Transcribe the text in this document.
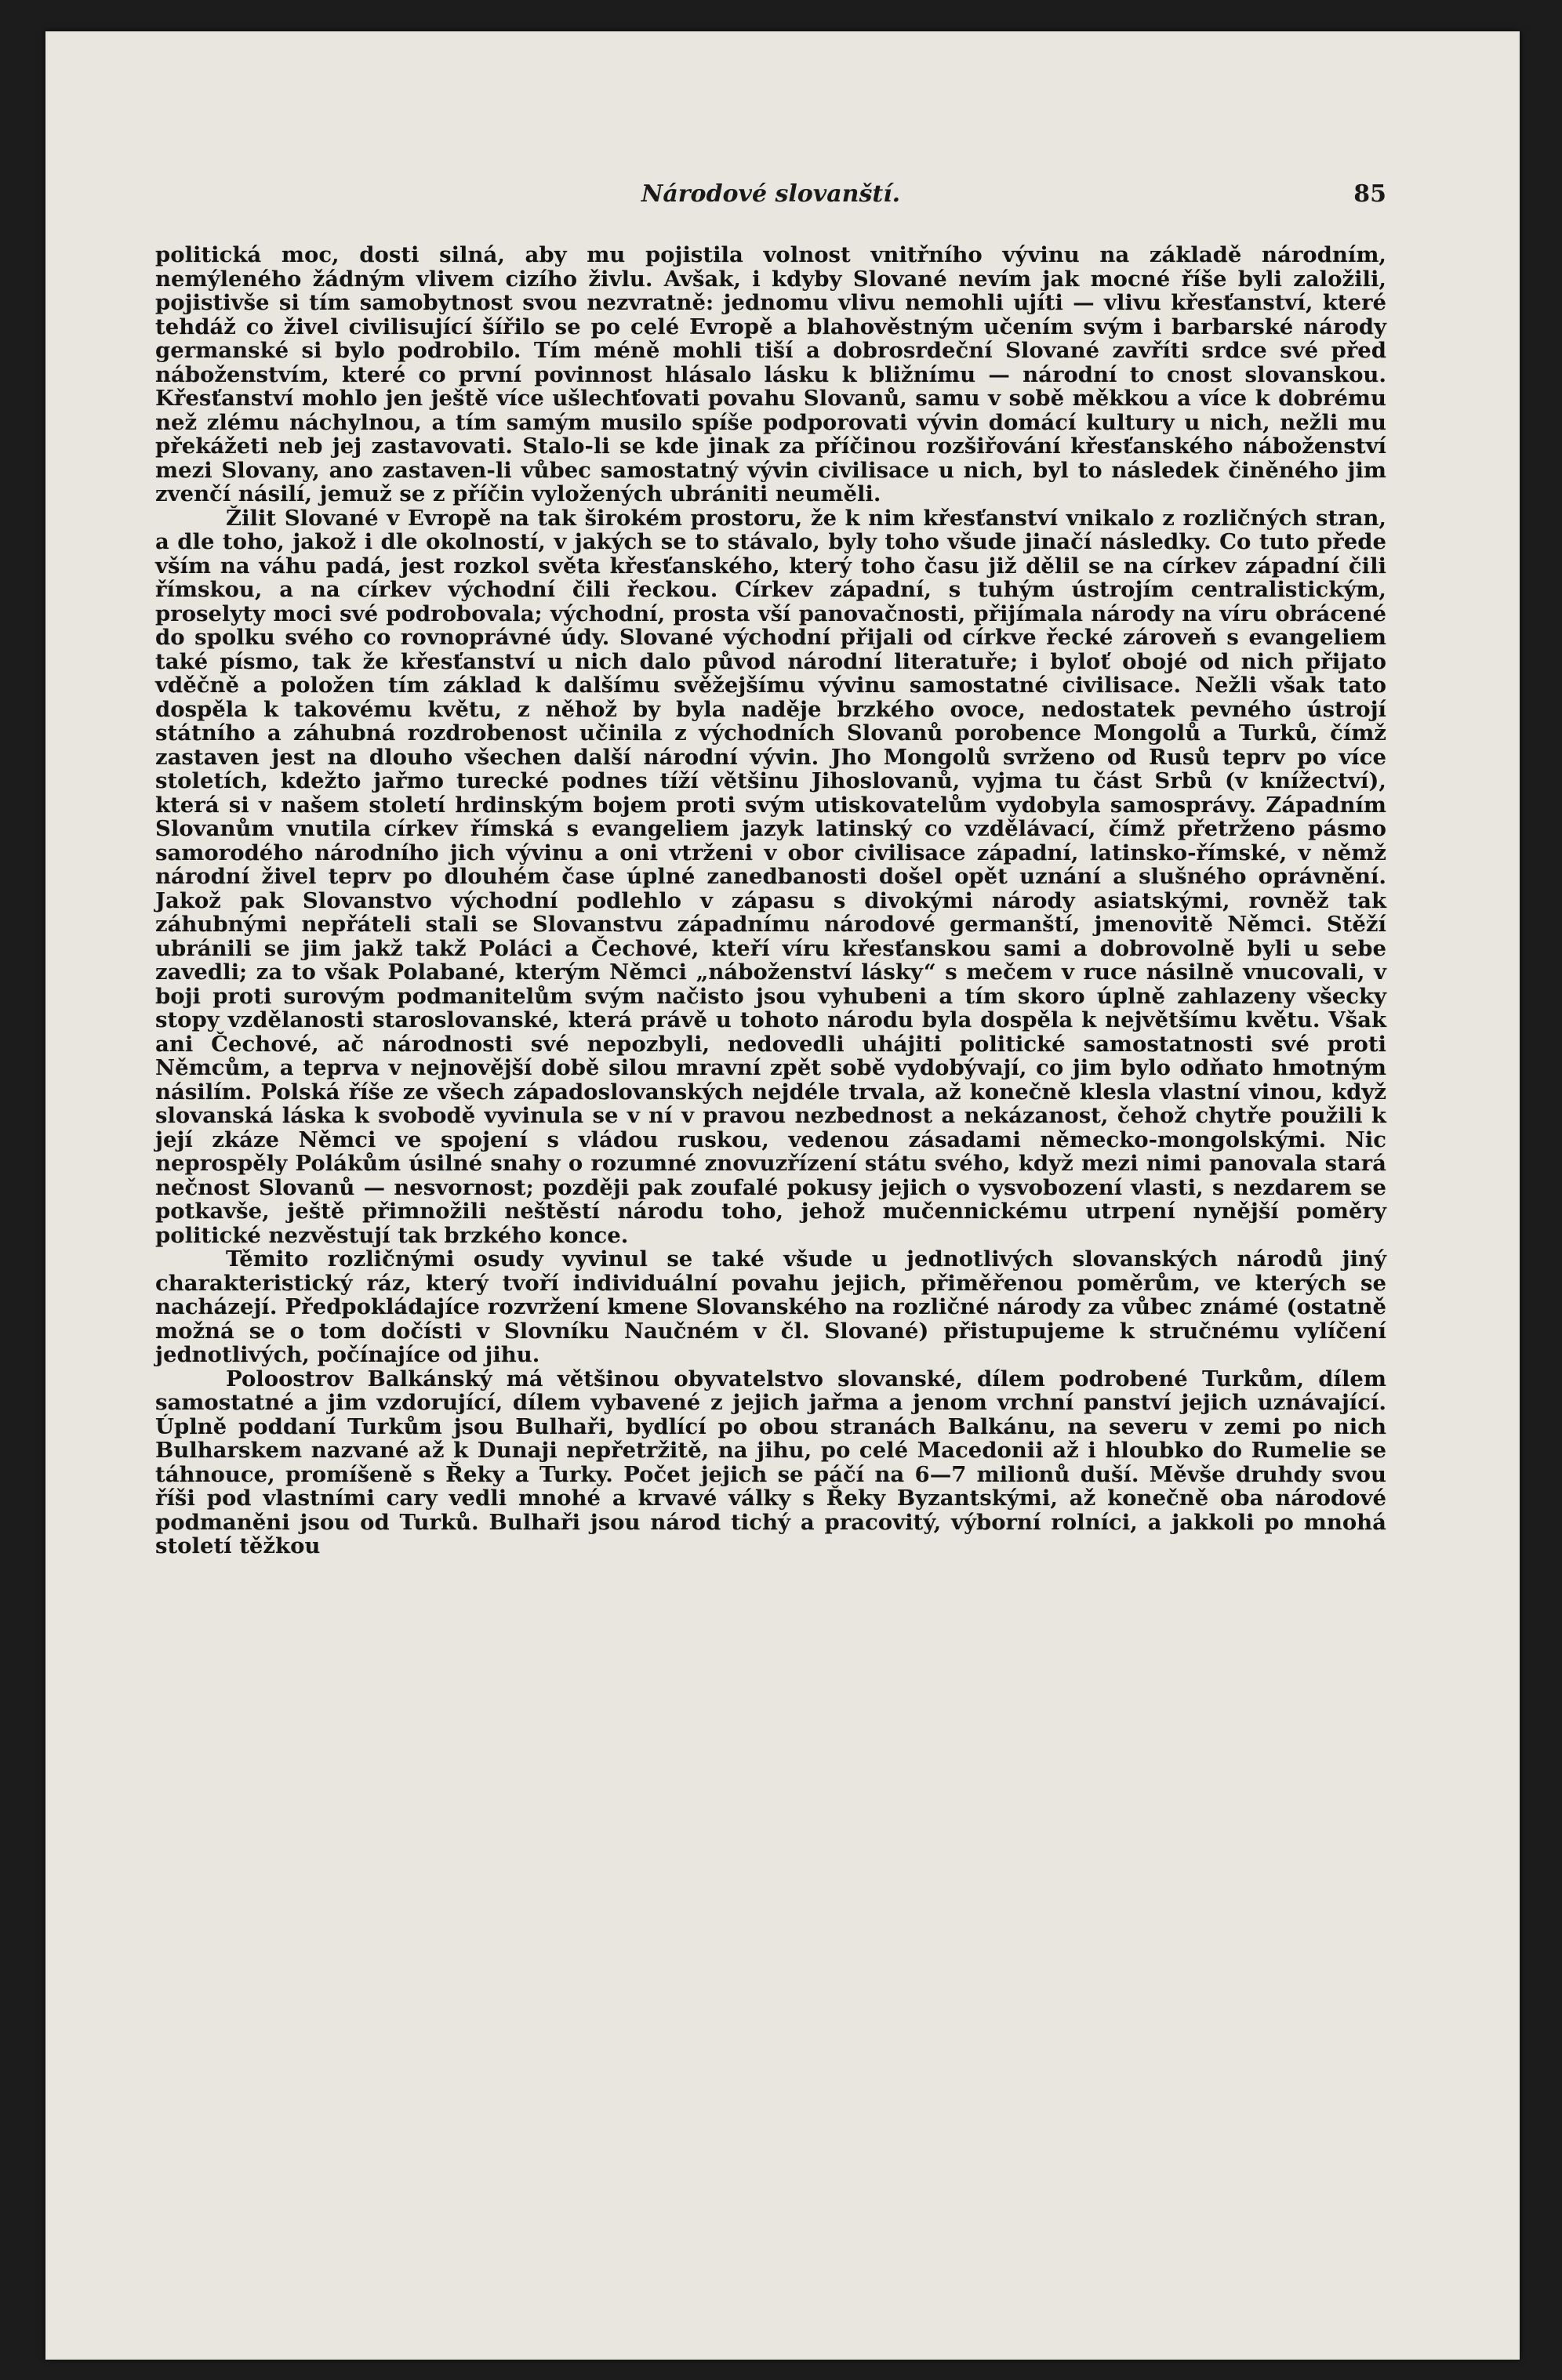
Národové slovanští.	85

politická moc, dosti silná, aby mu pojistila volnost vnitřního vývinu na základě národním, nemýleného žádným vlivem cizího živlu. Avšak, i kdyby Slované nevím jak mocné říše byli založili, pojistivše si tím samobytnost svou nezvratně: jednomu vlivu nemohli ujíti — vlivu křesťanství, které tehdáž co živel civilisující šířilo se po celé Evropě a blahověstným učením svým i barbarské národy germanské si bylo podrobilo. Tím méně mohli tiší a dobrosrdeční Slované zavříti srdce své před náboženstvím, které co první povinnost hlásalo lásku k bližnímu — národní to cnost slovanskou. Křesťanství mohlo jen ještě více ušlechťovati povahu Slovanů, samu v sobě měkkou a více k dobrému než zlému náchylnou, a tím samým musilo spíše podporovati vývin domácí kultury u nich, nežli mu překážeti neb jej zastavovati. Stalo-li se kde jinak za příčinou rozšiřování křesťanského náboženství mezi Slovany, ano zastaven-li vůbec samostatný vývin civilisace u nich, byl to následek činěného jim zvenčí násilí, jemuž se z příčin vyložených ubrániti neuměli.

Žilit Slované v Evropě na tak širokém prostoru, že k nim křesťanství vnikalo z rozličných stran, a dle toho, jakož i dle okolností, v jakých se to stávalo, byly toho všude jinačí následky. Co tuto přede vším na váhu padá, jest rozkol světa křesťanského, který toho času již dělil se na církev západní čili římskou, a na církev východní čili řeckou. Církev západní, s tuhým ústrojím centralistickým, proselyty moci své podrobovala; východní, prosta vší panovačnosti, přijímala národy na víru obrácené do spolku svého co rovnoprávné údy. Slované východní přijali od církve řecké zároveň s evangeliem také písmo, tak že křesťanství u nich dalo původ národní literatuře; i byloť obojé od nich přijato vděčně a položen tím základ k dalšímu svěžejšímu vývinu samostatné civilisace. Nežli však tato dospěla k takovému květu, z něhož by byla naděje brzkého ovoce, nedostatek pevného ústrojí státního a záhubná rozdrobenost učinila z východních Slovanů porobence Mongolů a Turků, čímž zastaven jest na dlouho všechen další národní vývin. Jho Mongolů svrženo od Rusů teprv po více stoletích, kdežto jařmo turecké podnes tíží většinu Jihoslovanů, vyjma tu část Srbů (v knížectví), která si v našem století hrdinským bojem proti svým utiskovatelům vydobyla samosprávy. Západním Slovanům vnutila církev římská s evangeliem jazyk latinský co vzdělávací, čímž přetrženo pásmo samorodého národního jich vývinu a oni vtrženi v obor civilisace západní, latinsko-římské, v němž národní živel teprv po dlouhém čase úplné zanedbanosti došel opět uznání a slušného oprávnění. Jakož pak Slovanstvo východní podlehlo v zápasu s divokými národy asiatskými, rovněž tak záhubnými nepřáteli stali se Slovanstvu západnímu národové germanští, jmenovitě Němci. Stěží ubránili se jim jakž takž Poláci a Čechové, kteří víru křesťanskou sami a dobrovolně byli u sebe zavedli; za to však Polabané, kterým Němci „náboženství lásky“ s mečem v ruce násilně vnucovali, v boji proti surovým podmanitelům svým načisto jsou vyhubeni a tím skoro úplně zahlazeny všecky stopy vzdělanosti staroslovanské, která právě u tohoto národu byla dospěla k největšímu květu. Však ani Čechové, ač národnosti své nepozbyli, nedovedli uhájiti politické samostatnosti své proti Němcům, a teprva v nejnovější době silou mravní zpět sobě vydobývají, co jim bylo odňato hmotným násilím. Polská říše ze všech západoslovanských nejdéle trvala, až konečně klesla vlastní vinou, když slovanská láska k svobodě vyvinula se v ní v pravou nezbednost a nekázanost, čehož chytře použili k její zkáze Němci ve spojení s vládou ruskou, vedenou zásadami německo-mongolskými. Nic neprospěly Polákům úsilné snahy o rozumné znovuzřízení státu svého, když mezi nimi panovala stará nečnost Slovanů — nesvornost; později pak zoufalé pokusy jejich o vysvobození vlasti, s nezdarem se potkavše, ještě přimnožili neštěstí národu toho, jehož mučennickému utrpení nynější poměry politické nezvěstují tak brzkého konce.

Těmito rozličnými osudy vyvinul se také všude u jednotlivých slovanských národů jiný charakteristický ráz, který tvoří individuální povahu jejich, přiměřenou poměrům, ve kterých se nacházejí. Předpokládajíce rozvržení kmene Slovanského na rozličné národy za vůbec známé (ostatně možná se o tom dočísti v Slovníku Naučném v čl. Slované) přistupujeme k stručnému vylíčení jednotlivých, počínajíce od jihu.

Poloostrov Balkánský má většinou obyvatelstvo slovanské, dílem podrobené Turkům, dílem samostatné a jim vzdorující, dílem vybavené z jejich jařma a jenom vrchní panství jejich uznávající. Úplně poddaní Turkům jsou Bulhaři, bydlící po obou stranách Balkánu, na severu v zemi po nich Bulharskem nazvané až k Dunaji nepřetržitě, na jihu, po celé Macedonii až i hloubko do Rumelie se táhnouce, promíšeně s Řeky a Turky. Počet jejich se páčí na 6—7 milionů duší. Měvše druhdy svou říši pod vlastními cary vedli mnohé a krvavé války s Řeky Byzantskými, až konečně oba národové podmaněni jsou od Turků. Bulhaři jsou národ tichý a pracovitý, výborní rolníci, a jakkoli po mnohá století těžkou
